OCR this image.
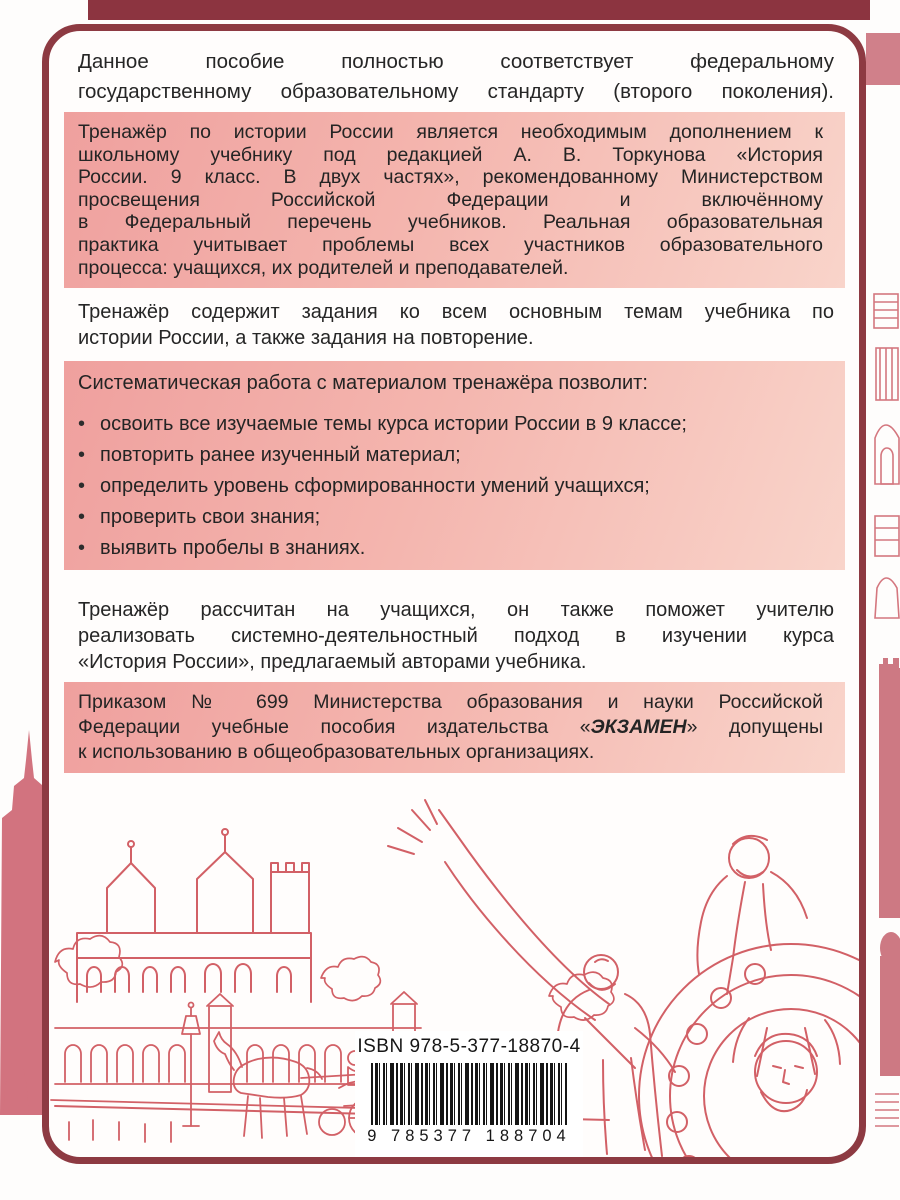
Данное пособие полностью соответствует федеральному
государственному образовательному стандарту (второго поколения).
Тренажёр по истории России является необходимым дополнением к
школьному учебнику под редакцией А. В. Торкунова «История
России. 9 класс. В двух частях», рекомендованному Министерством
просвещения Российской Федерации и включённому
в Федеральный перечень учебников. Реальная образовательная
практика учитывает проблемы всех участников образовательного
процесса: учащихся, их родителей и преподавателей.
Тренажёр содержит задания ко всем основным темам учебника по
истории России, а также задания на повторение.
Систематическая работа с материалом тренажёра позволит:
• освоить все изучаемые темы курса истории России в 9 классе;
• повторить ранее изученный материал;
• определить уровень сформированности умений учащихся;
• проверить свои знания;
• выявить пробелы в знаниях.
Тренажёр рассчитан на учащихся, он также поможет учителю
реализовать системно-деятельностный подход в изучении курса
«История России», предлагаемый авторами учебника.
Приказом № 699 Министерства образования и науки Российской
Федерации учебные пособия издательства «ЭКЗАМЕН» допущены
к использованию в общеобразовательных организациях.
ISBN 978-5-377-18870-4
9 785377 188704
